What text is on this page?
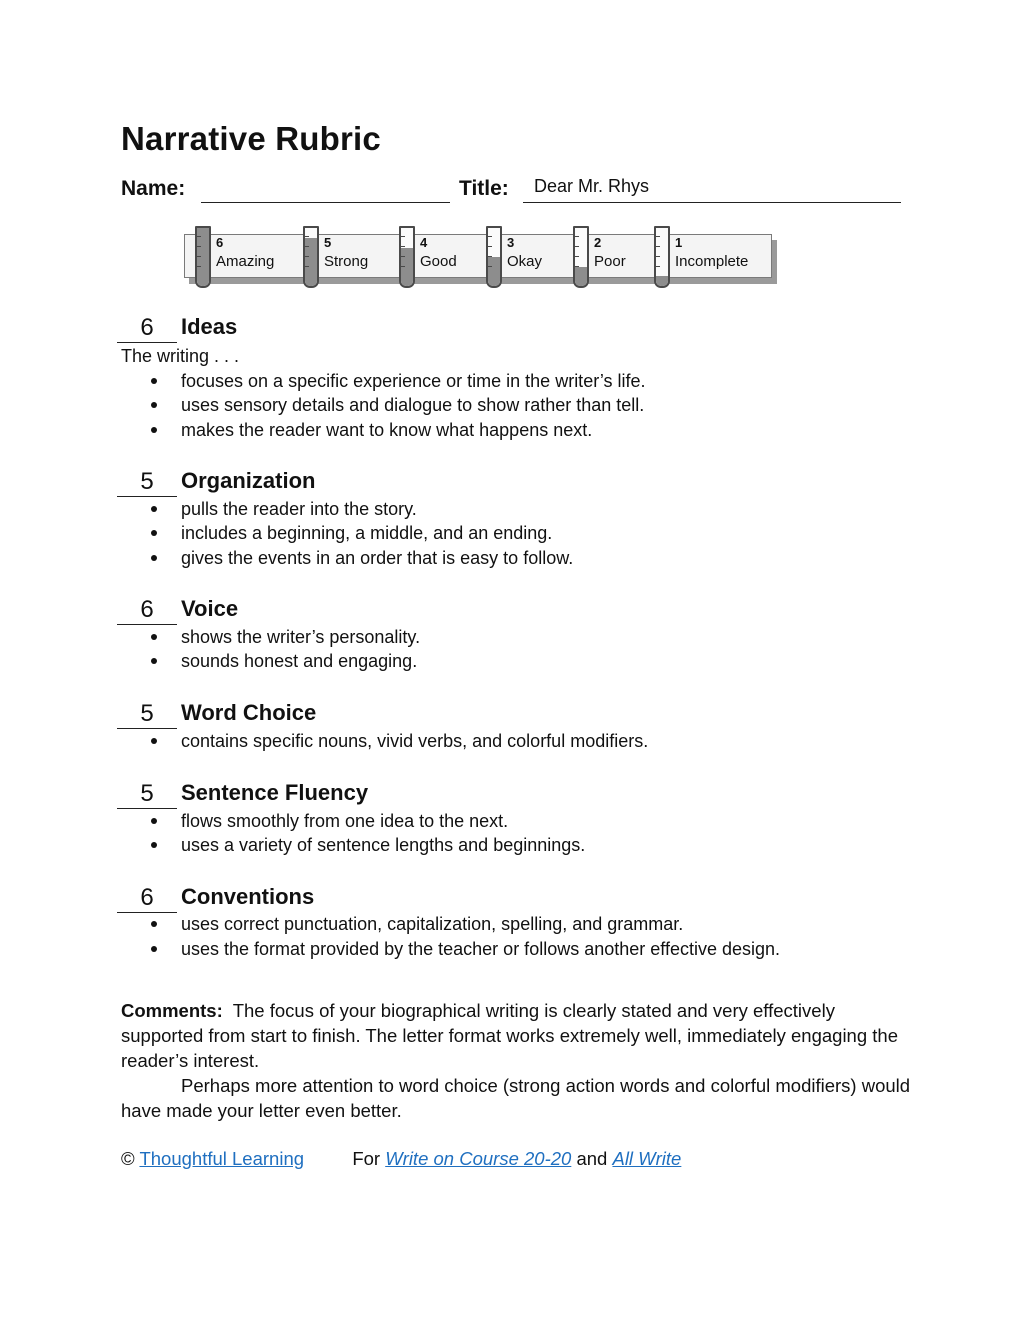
Narrative Rubric
Name:	Title: Dear Mr. Rhys
6
Amazing
5
Strong
4
Good
3
Okay
2
Poor
1
Incomplete
6	Ideas
The writing . . .
focuses on a specific experience or time in the writer’s life.
uses sensory details and dialogue to show rather than tell.
makes the reader want to know what happens next.
5	Organization
pulls the reader into the story.
includes a beginning, a middle, and an ending.
gives the events in an order that is easy to follow.
6	Voice
shows the writer’s personality.
sounds honest and engaging.
5	Word Choice
contains specific nouns, vivid verbs, and colorful modifiers.
5	Sentence Fluency
flows smoothly from one idea to the next.
uses a variety of sentence lengths and beginnings.
6	Conventions
uses correct punctuation, capitalization, spelling, and grammar.
uses the format provided by the teacher or follows another effective design.

Comments: The focus of your biographical writing is clearly stated and very effectively supported from start to finish. The letter format works extremely well, immediately engaging the reader’s interest.

Perhaps more attention to word choice (strong action words and colorful modifiers) would have made your letter even better.

© Thoughtful Learning	For Write on Course 20-20 and All Write
